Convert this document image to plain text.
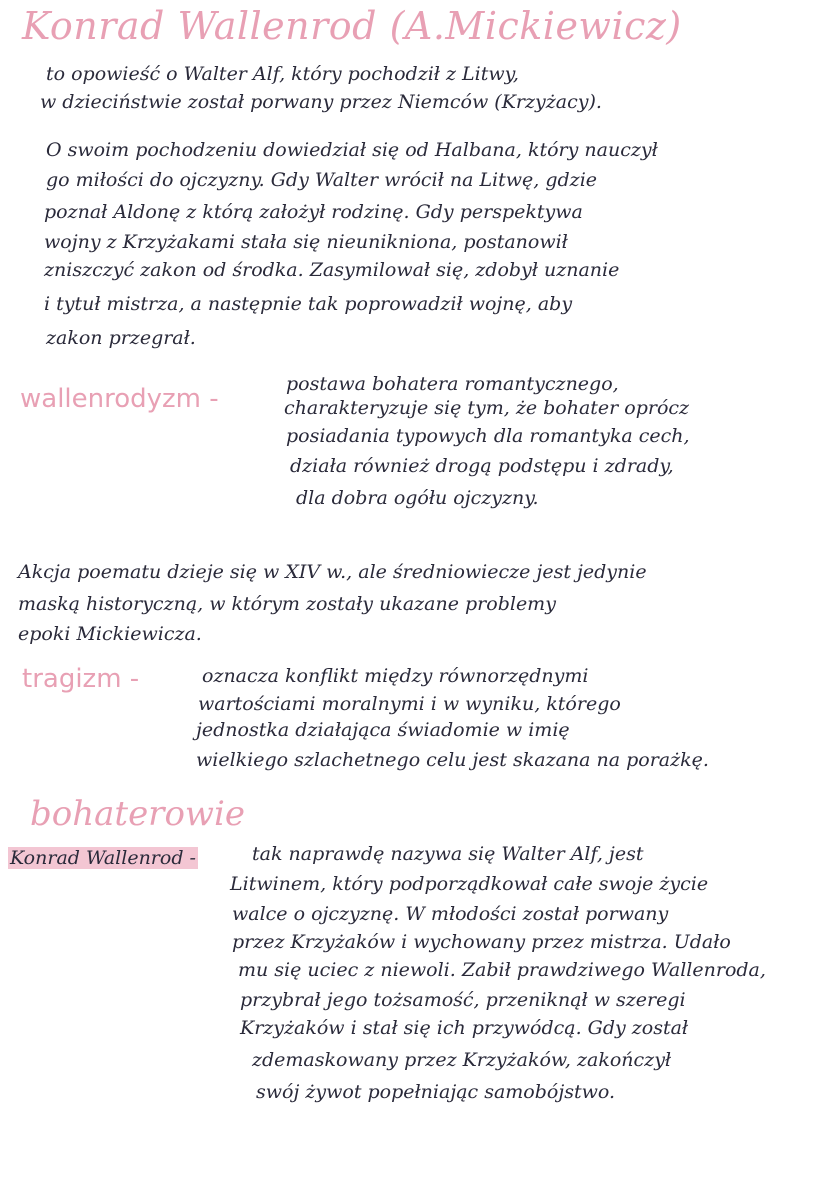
Konrad Wallenrod (A.Mickiewicz)
to opowieść o Walter Alf, który pochodził z Litwy,
w dzieciństwie został porwany przez Niemców (Krzyżacy).
O swoim pochodzeniu dowiedział się od Halbana, który nauczył
go miłości do ojczyzny. Gdy Walter wrócił na Litwę, gdzie
poznał Aldonę z którą założył rodzinę. Gdy perspektywa
wojny z Krzyżakami stała się nieunikniona, postanowił
zniszczyć zakon od środka. Zasymilował się, zdobył uznanie
i tytuł mistrza, a następnie tak poprowadził wojnę, aby
zakon przegrał.
wallenrodyzm -	postawa bohatera romantycznego,
charakteryzuje się tym, że bohater oprócz
posiadania typowych dla romantyka cech,
działa również drogą podstępu i zdrady,
dla dobra ogółu ojczyzny.
Akcja poematu dzieje się w XIV w., ale średniowiecze jest jedynie
maską historyczną, w którym zostały ukazane problemy
epoki Mickiewicza.
tragizm -	oznacza konflikt między równorzędnymi
wartościami moralnymi i w wyniku, którego
jednostka działająca świadomie w imię
wielkiego szlachetnego celu jest skazana na porażkę.
bohaterowie
Konrad Wallenrod -	tak naprawdę nazywa się Walter Alf, jest
Litwinem, który podporządkował całe swoje życie
walce o ojczyznę. W młodości został porwany
przez Krzyżaków i wychowany przez mistrza. Udało
mu się uciec z niewoli. Zabił prawdziwego Wallenroda,
przybrał jego tożsamość, przeniknął w szeregi
Krzyżaków i stał się ich przywódcą. Gdy został
zdemaskowany przez Krzyżaków, zakończył
swój żywot popełniając samobójstwo.
